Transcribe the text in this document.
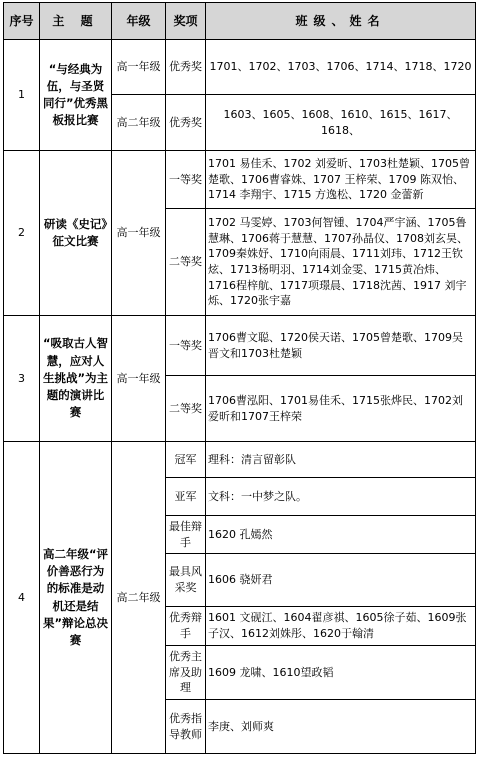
序号	主 题	年级	奖项	班级、姓名
1	“与经典为伍，与圣贤同行”优秀黑板报比赛	高一年级	优秀奖	1701、1702、1703、1706、1714、1718、1720
		高二年级	优秀奖	1603、1605、1608、1610、1615、1617、1618、
2	研读《史记》征文比赛	高一年级	一等奖	1701 易佳禾、1702 刘爱昕、1703杜楚颖、1705曾楚歌、1706曹睿姝、1707 王梓荣、1709 陈双怡、1714 李翔宇、1715 方逸松、1720 金蕾新
			二等奖	1702 马雯婷、1703何智锺、1704严宇涵、1705鲁慧琳、1706蒋于慧慧、1707孙晶仪、1708刘玄昊、1709秦姝妤、1710向雨晨、1711刘玮、1712王钦炫、1713杨明羽、1714刘金雯、1715黄冶炜、1716程梓航、1717项璟晨、1718沈茜、1917 刘宇烁、1720张宇嘉
3	“吸取古人智慧，应对人生挑战”为主题的演讲比赛	高一年级	一等奖	1706曹文聪、1720侯天诺、1705曾楚歌、1709吴晋文和1703杜楚颖
			二等奖	1706曹泓阳、1701易佳禾、1715张烨民、1702刘爱昕和1707王梓荣
4	高二年级“评价善恶行为的标准是动机还是结果”辩论总决赛	高二年级	冠军	理科：清言留彰队
			亚军	文科：一中梦之队。
			最佳辩手	1620 孔嫣然
			最具风采奖	1606 骁妍君
			优秀辩手	1601 文砚江、1604翟彦祺、1605徐子茹、1609张子汉、1612刘姝彤、1620于翰清
			优秀主席及助理	1609 龙啸、1610望政韬
			优秀指导教师	李庚、刘师爽
